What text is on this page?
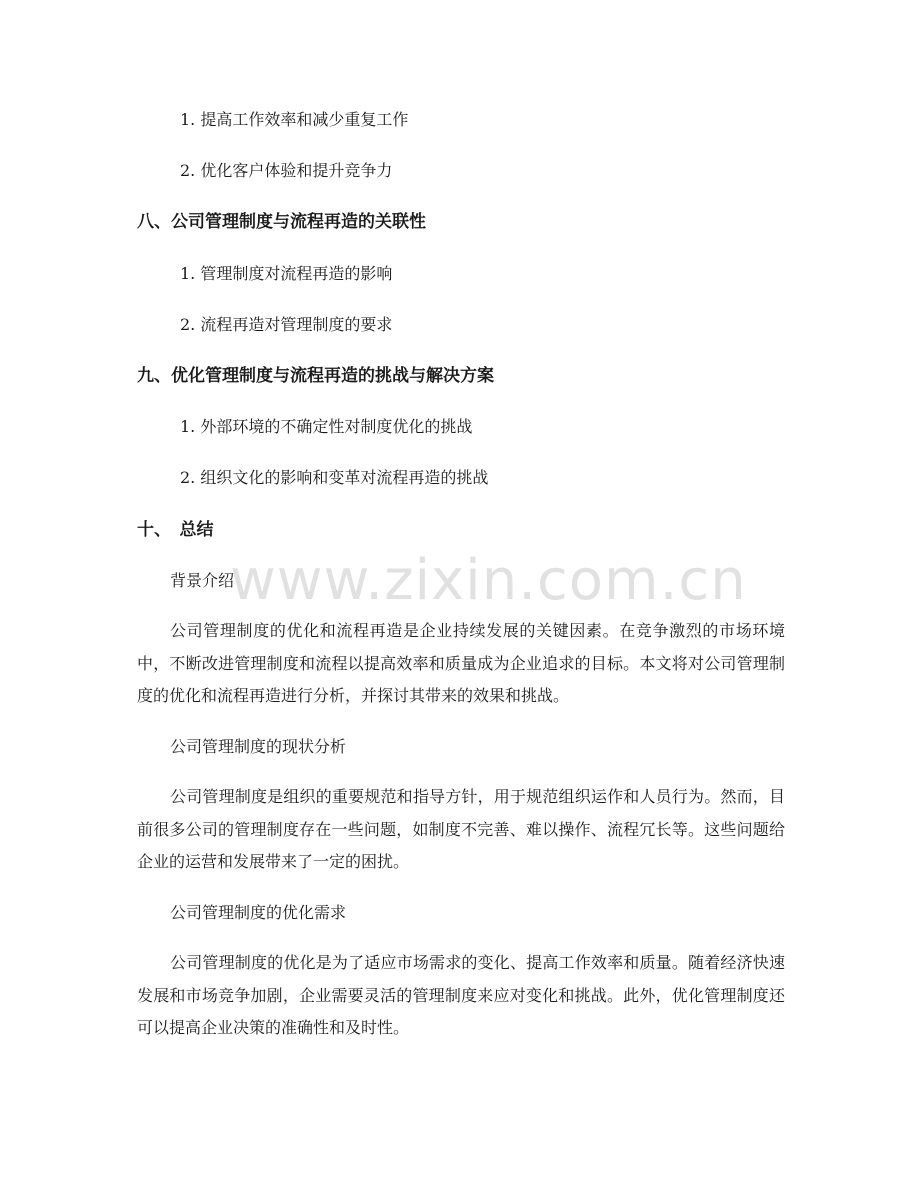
1. 提高工作效率和减少重复工作
2. 优化客户体验和提升竞争力
八、公司管理制度与流程再造的关联性
1. 管理制度对流程再造的影响
2. 流程再造对管理制度的要求
九、优化管理制度与流程再造的挑战与解决方案
1. 外部环境的不确定性对制度优化的挑战
2. 组织文化的影响和变革对流程再造的挑战
十、　总结
背景介绍

公司管理制度的优化和流程再造是企业持续发展的关键因素。在竞争激烈的市场环境中，不断改进管理制度和流程以提高效率和质量成为企业追求的目标。本文将对公司管理制度的优化和流程再造进行分析，并探讨其带来的效果和挑战。

公司管理制度的现状分析

公司管理制度是组织的重要规范和指导方针，用于规范组织运作和人员行为。然而，目前很多公司的管理制度存在一些问题，如制度不完善、难以操作、流程冗长等。这些问题给企业的运营和发展带来了一定的困扰。

公司管理制度的优化需求

公司管理制度的优化是为了适应市场需求的变化、提高工作效率和质量。随着经济快速发展和市场竞争加剧，企业需要灵活的管理制度来应对变化和挑战。此外，优化管理制度还可以提高企业决策的准确性和及时性。

www.zixin.com.cn
